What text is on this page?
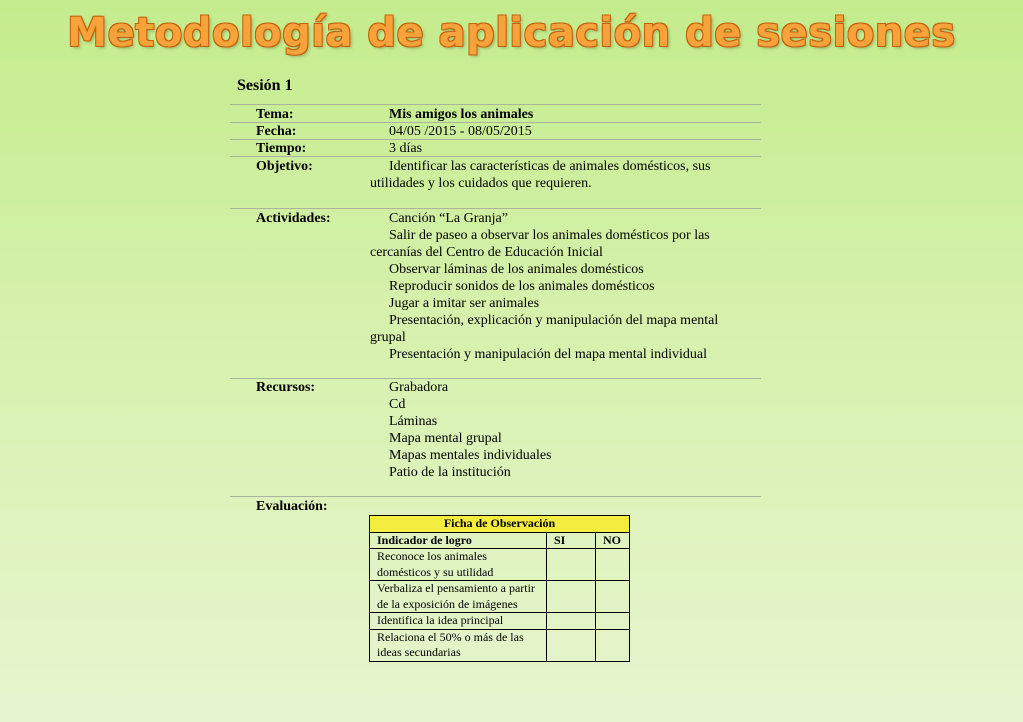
Metodología de aplicación de sesiones
Sesión 1
Tema:	Mis amigos los animales
Fecha:	04/05 /2015 - 08/05/2015
Tiempo:	3 días
Objetivo:	Identificar las características de animales domésticos, sus utilidades y los cuidados que requieren.
Actividades:	Canción “La Granja”
Salir de paseo a observar los animales domésticos por las cercanías del Centro de Educación Inicial
Observar láminas de los animales domésticos
Reproducir sonidos de los animales domésticos
Jugar a imitar ser animales
Presentación, explicación y manipulación del mapa mental grupal
Presentación y manipulación del mapa mental individual
Recursos:	Grabadora
Cd
Láminas
Mapa mental grupal
Mapas mentales individuales
Patio de la institución
Evaluación:
Ficha de Observación		
Indicador de logro	SI	NO
Reconoce los animales domésticos y su utilidad		
Verbaliza el pensamiento a partir de la exposición de imágenes		
Identifica la idea principal		
Relaciona el 50% o más de las ideas secundarias		
